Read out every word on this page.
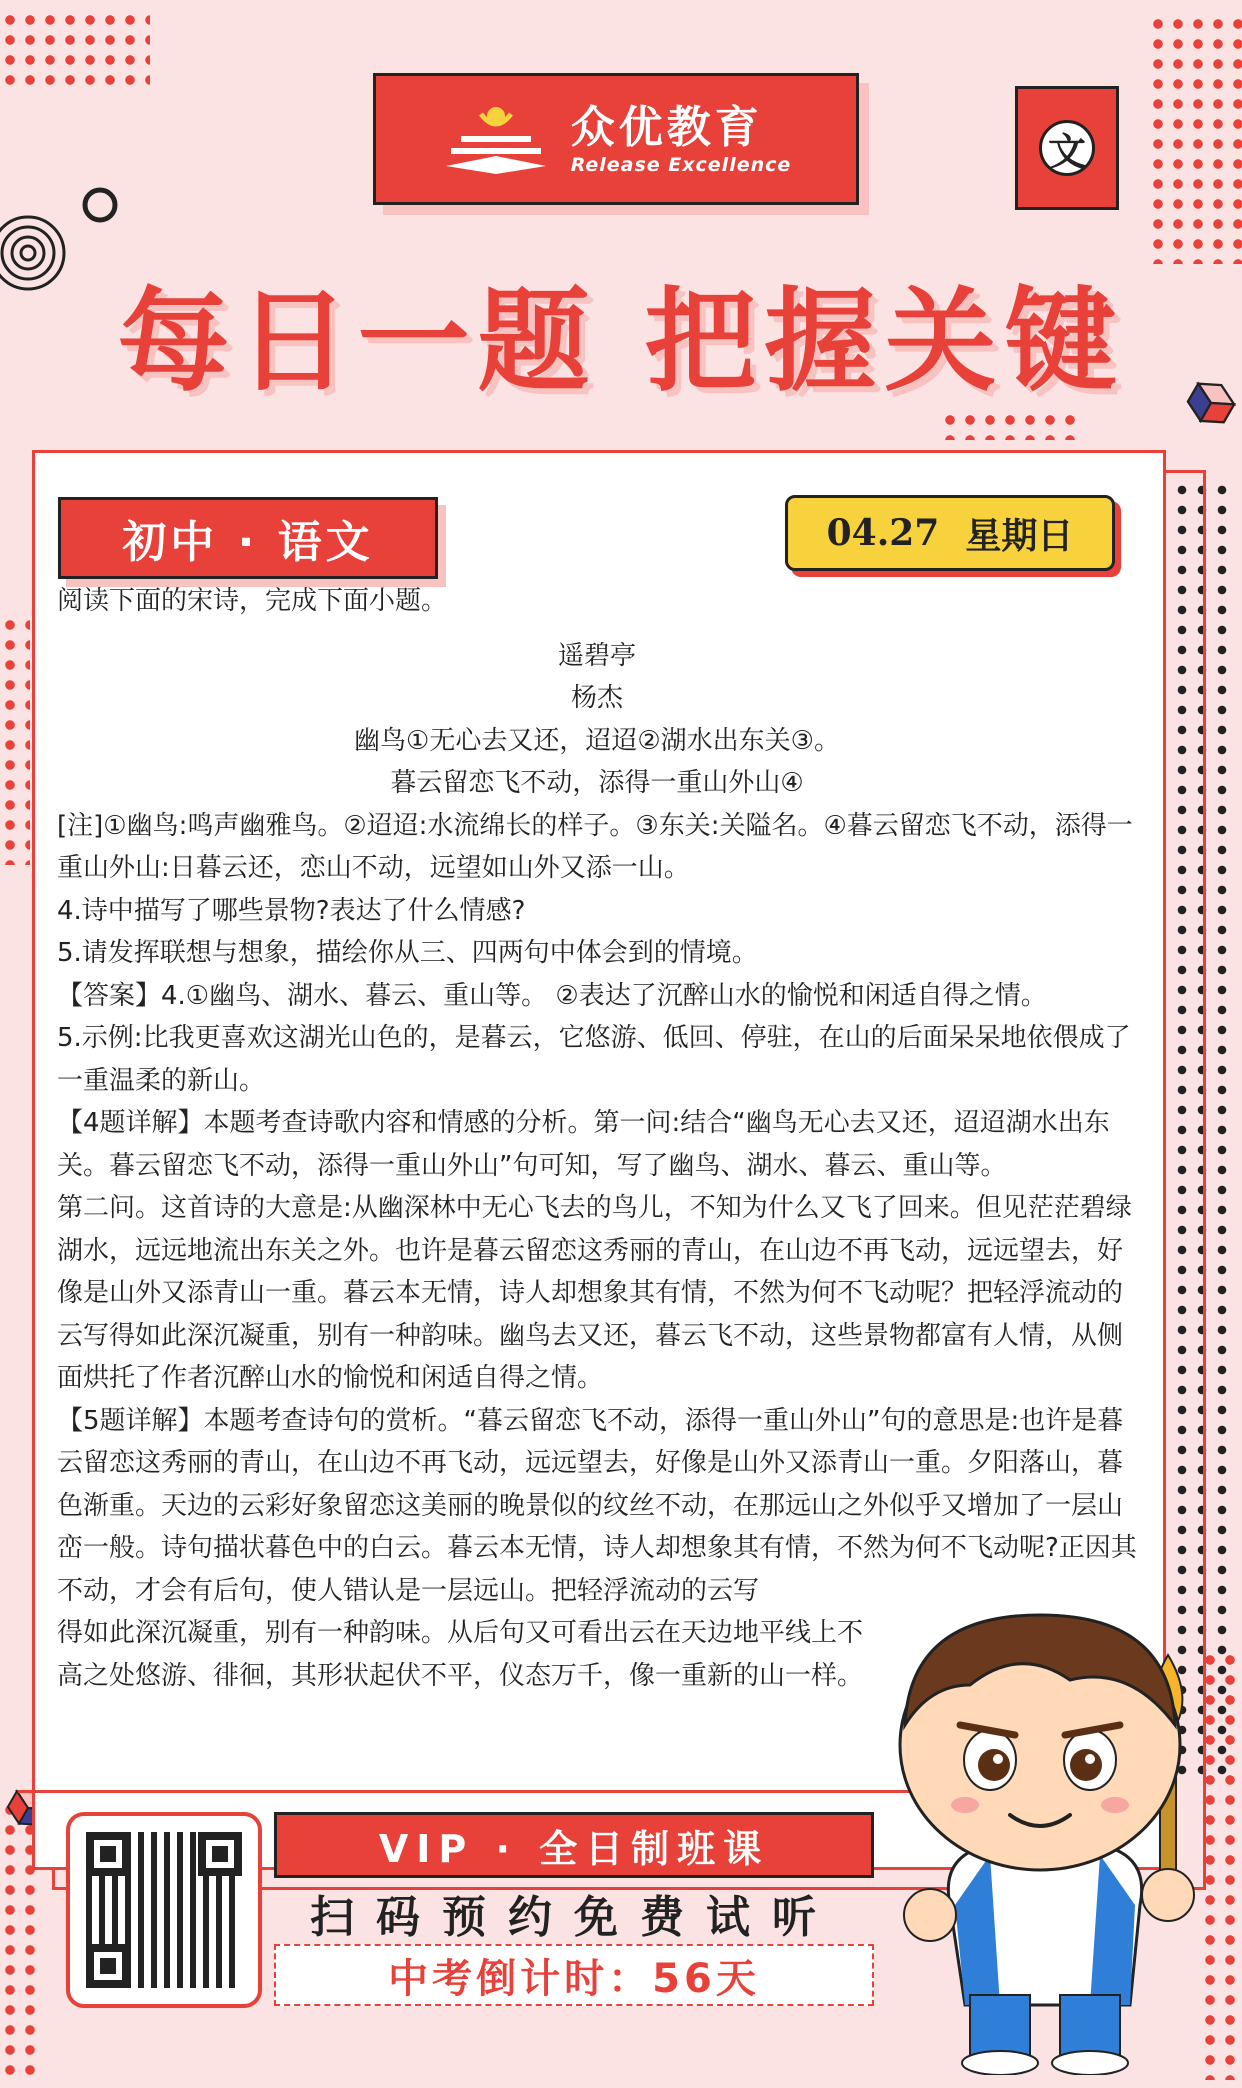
众优教育
Release Excellence	文
每日一题 把握关键
初中 · 语文	04.27 星期日

阅读下面的宋诗，完成下面小题。

遥碧亭

杨杰

幽鸟①无心去又还，迢迢②湖水出东关③。

暮云留恋飞不动，添得一重山外山④

[注]①幽鸟:鸣声幽雅鸟。②迢迢:水流绵长的样子。③东关:关隘名。④暮云留恋飞不动，添得一重山外山:日暮云还，恋山不动，远望如山外又添一山。

4.诗中描写了哪些景物?表达了什么情感?

5.请发挥联想与想象，描绘你从三、四两句中体会到的情境。

【答案】4.①幽鸟、湖水、暮云、重山等。 ②表达了沉醉山水的愉悦和闲适自得之情。

5.示例:比我更喜欢这湖光山色的，是暮云，它悠游、低回、停驻，在山的后面呆呆地依偎成了一重温柔的新山。

【4题详解】本题考查诗歌内容和情感的分析。第一问:结合“幽鸟无心去又还，迢迢湖水出东关。暮云留恋飞不动，添得一重山外山”句可知，写了幽鸟、湖水、暮云、重山等。

第二问。这首诗的大意是:从幽深林中无心飞去的鸟儿，不知为什么又飞了回来。但见茫茫碧绿湖水，远远地流出东关之外。也许是暮云留恋这秀丽的青山，在山边不再飞动，远远望去，好像是山外又添青山一重。暮云本无情，诗人却想象其有情，不然为何不飞动呢？把轻浮流动的云写得如此深沉凝重，别有一种韵味。幽鸟去又还，暮云飞不动，这些景物都富有人情，从侧面烘托了作者沉醉山水的愉悦和闲适自得之情。

【5题详解】本题考查诗句的赏析。“暮云留恋飞不动，添得一重山外山”句的意思是:也许是暮云留恋这秀丽的青山，在山边不再飞动，远远望去，好像是山外又添青山一重。夕阳落山，暮色渐重。天边的云彩好象留恋这美丽的晚景似的纹丝不动，在那远山之外似乎又增加了一层山峦一般。诗句描状暮色中的白云。暮云本无情，诗人却想象其有情，不然为何不飞动呢?正因其不动，才会有后句，使人错认是一层远山。把轻浮流动的云写

得如此深沉凝重，别有一种韵味。从后句又可看出云在天边地平线上不

高之处悠游、徘徊，其形状起伏不平，仪态万千，像一重新的山一样。

VIP · 全日制班课
扫码预约免费试听
中考倒计时：56天
